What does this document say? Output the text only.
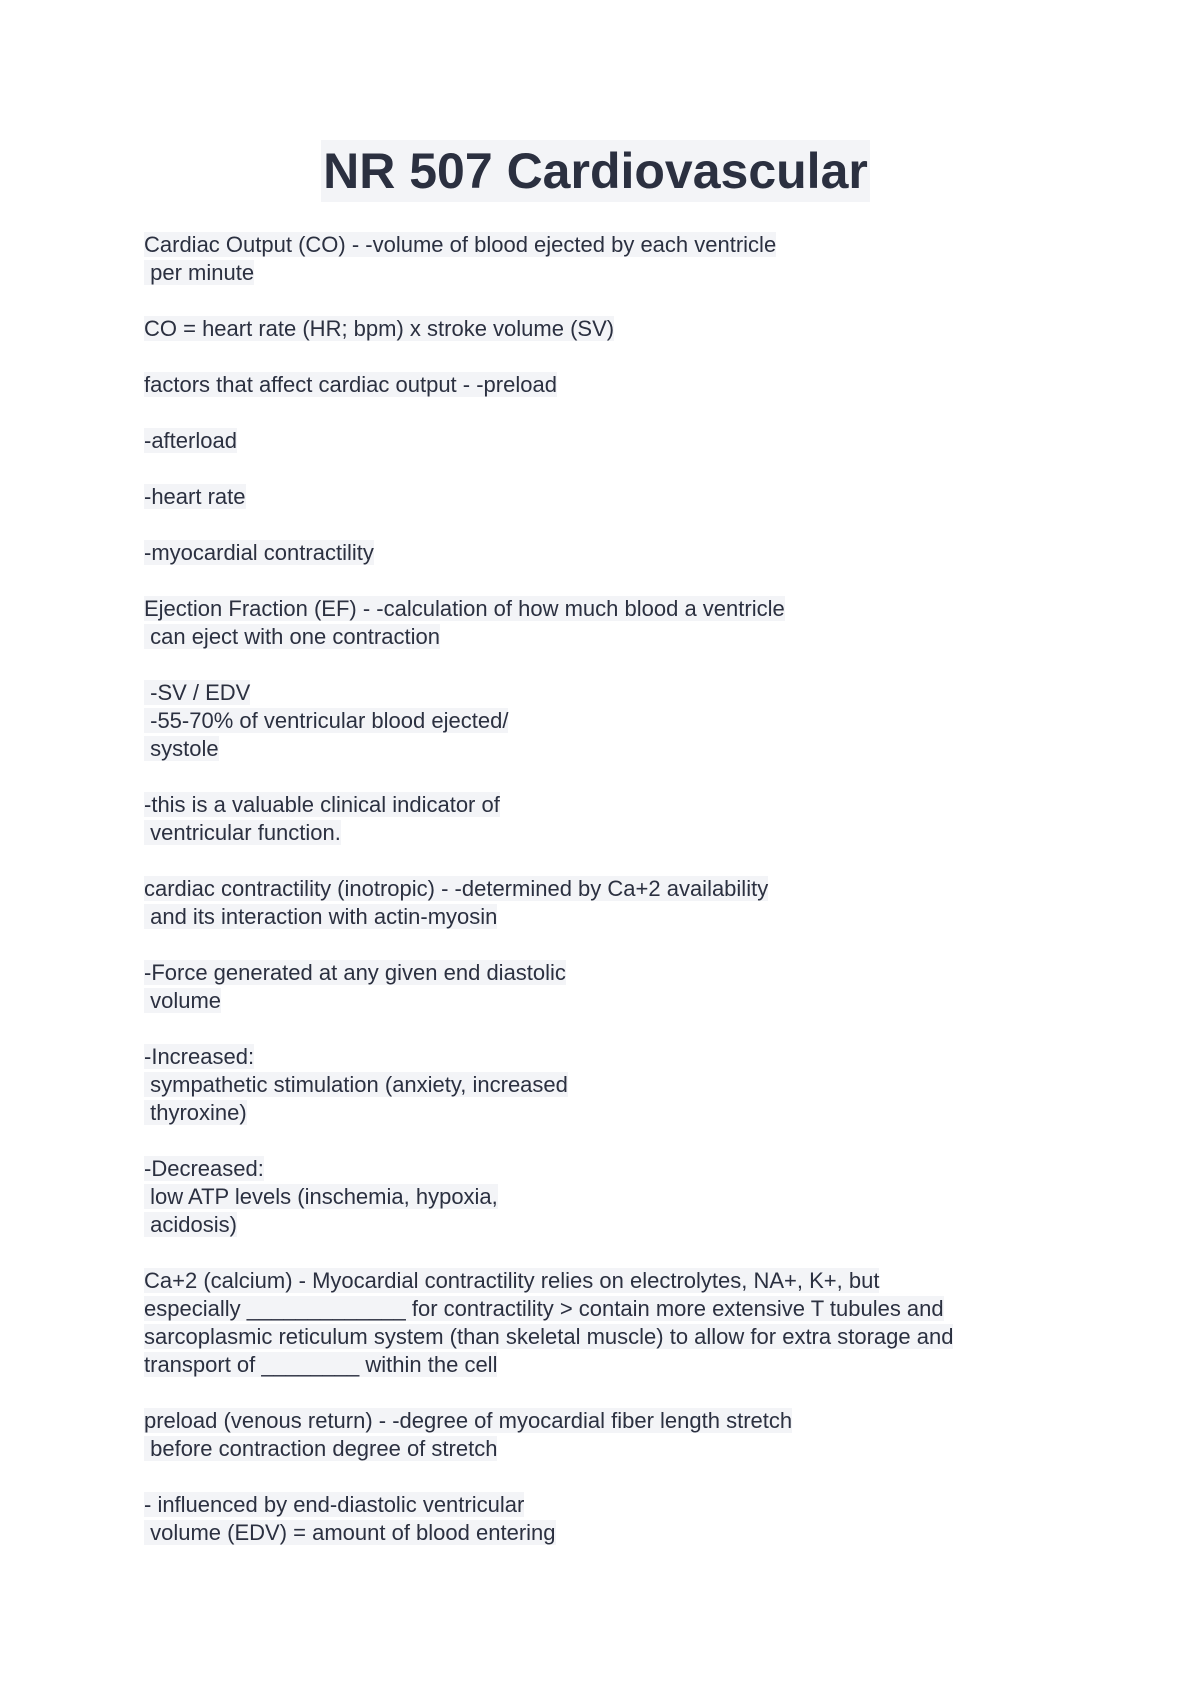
NR 507 Cardiovascular

Cardiac Output (CO) - -volume of blood ejected by each ventricle
per minute

CO = heart rate (HR; bpm) x stroke volume (SV)

factors that affect cardiac output - -preload

-afterload

-heart rate

-myocardial contractility

Ejection Fraction (EF) - -calculation of how much blood a ventricle
can eject with one contraction

-SV / EDV
-55-70% of ventricular blood ejected/
systole

-this is a valuable clinical indicator of
ventricular function.

cardiac contractility (inotropic) - -determined by Ca+2 availability
and its interaction with actin-myosin

-Force generated at any given end diastolic
volume

-Increased:
sympathetic stimulation (anxiety, increased
thyroxine)

-Decreased:
low ATP levels (inschemia, hypoxia,
acidosis)

Ca+2 (calcium) - Myocardial contractility relies on electrolytes, NA+, K+, but
especially _____________ for contractility > contain more extensive T tubules and
sarcoplasmic reticulum system (than skeletal muscle) to allow for extra storage and
transport of ________ within the cell

preload (venous return) - -degree of myocardial fiber length stretch
before contraction degree of stretch

- influenced by end-diastolic ventricular
volume (EDV) = amount of blood entering
